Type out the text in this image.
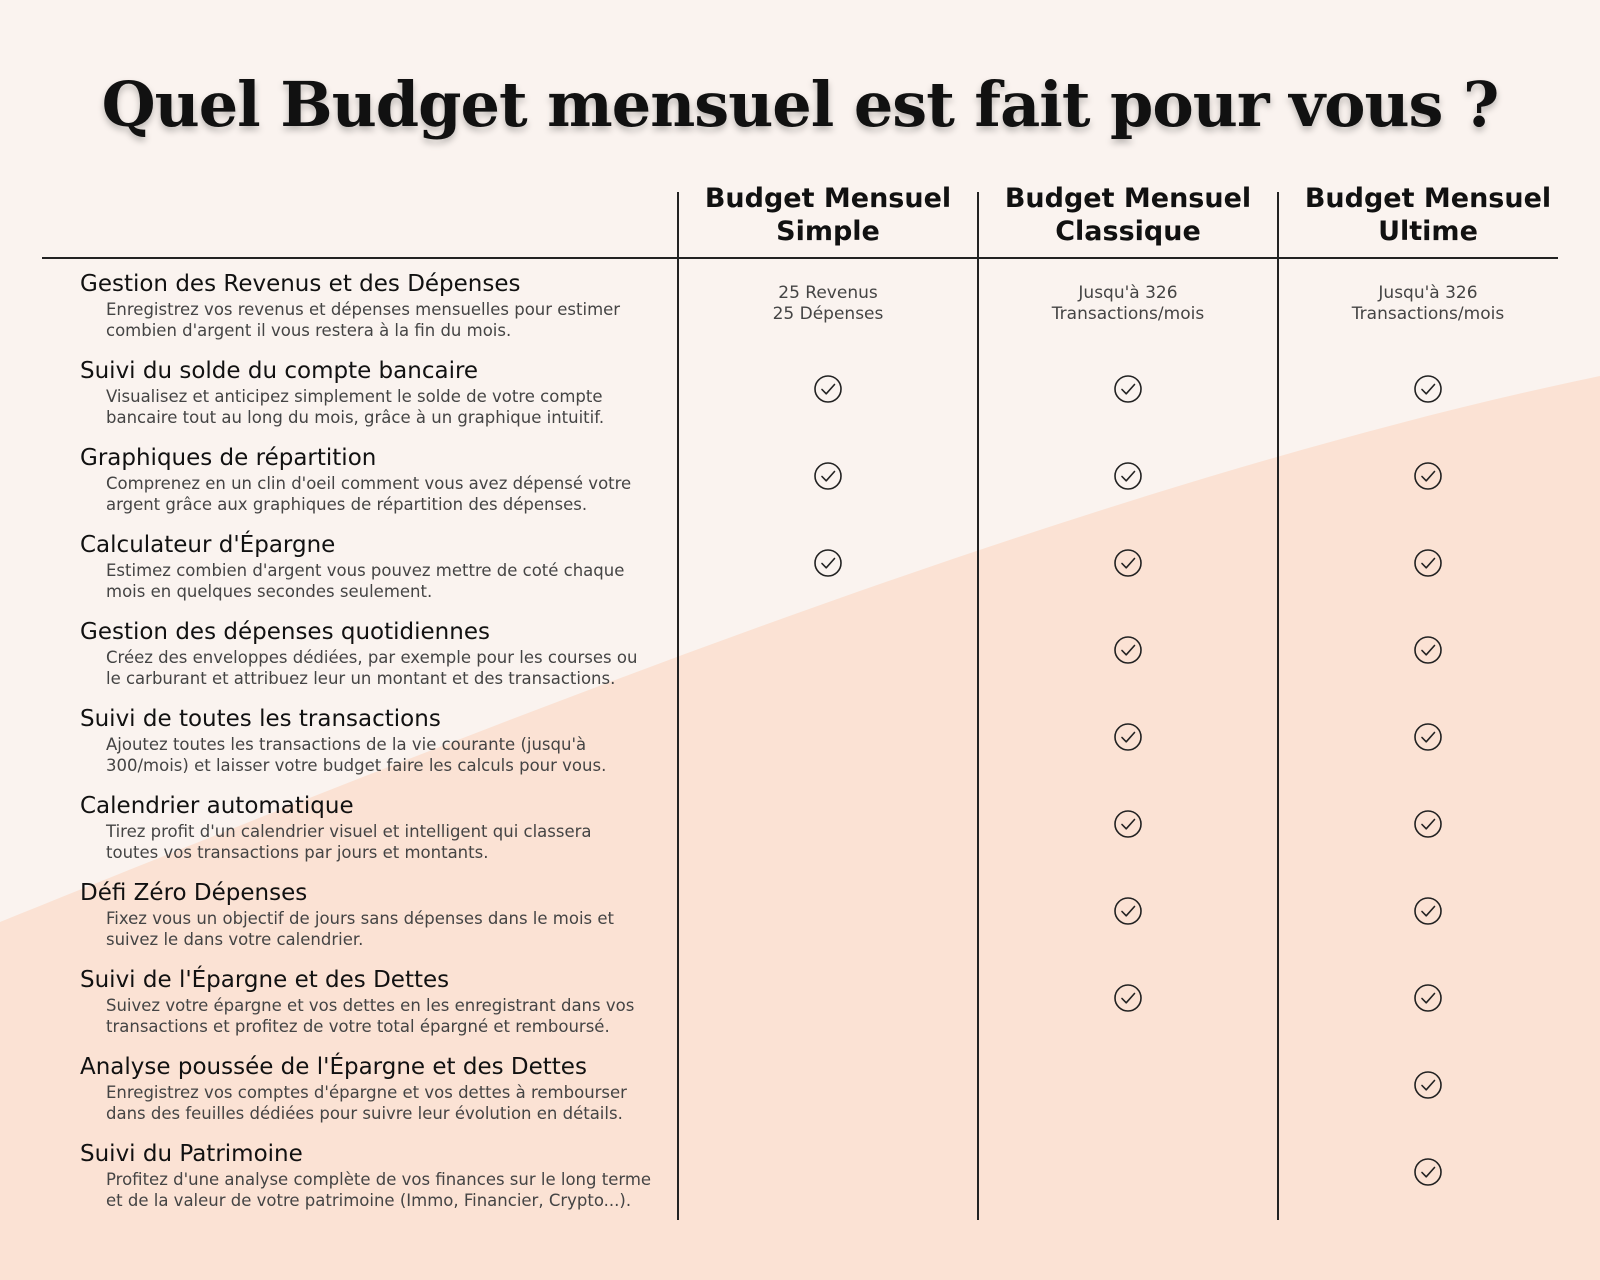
Quel Budget mensuel est fait pour vous ?
Budget Mensuel
Simple
Budget Mensuel
Classique
Budget Mensuel
Ultime
Gestion des Revenus et des Dépenses
Enregistrez vos revenus et dépenses mensuelles pour estimer
combien d'argent il vous restera à la fin du mois.
25 Revenus
25 Dépenses
Jusqu'à 326
Transactions/mois
Jusqu'à 326
Transactions/mois
Suivi du solde du compte bancaire
Visualisez et anticipez simplement le solde de votre compte
bancaire tout au long du mois, grâce à un graphique intuitif.
Graphiques de répartition
Comprenez en un clin d'oeil comment vous avez dépensé votre
argent grâce aux graphiques de répartition des dépenses.
Calculateur d'Épargne
Estimez combien d'argent vous pouvez mettre de coté chaque
mois en quelques secondes seulement.
Gestion des dépenses quotidiennes
Créez des enveloppes dédiées, par exemple pour les courses ou
le carburant et attribuez leur un montant et des transactions.
Suivi de toutes les transactions
Ajoutez toutes les transactions de la vie courante (jusqu'à
300/mois) et laisser votre budget faire les calculs pour vous.
Calendrier automatique
Tirez profit d'un calendrier visuel et intelligent qui classera
toutes vos transactions par jours et montants.
Défi Zéro Dépenses
Fixez vous un objectif de jours sans dépenses dans le mois et
suivez le dans votre calendrier.
Suivi de l'Épargne et des Dettes
Suivez votre épargne et vos dettes en les enregistrant dans vos
transactions et profitez de votre total épargné et remboursé.
Analyse poussée de l'Épargne et des Dettes
Enregistrez vos comptes d'épargne et vos dettes à rembourser
dans des feuilles dédiées pour suivre leur évolution en détails.
Suivi du Patrimoine
Profitez d'une analyse complète de vos finances sur le long terme
et de la valeur de votre patrimoine (Immo, Financier, Crypto...).
